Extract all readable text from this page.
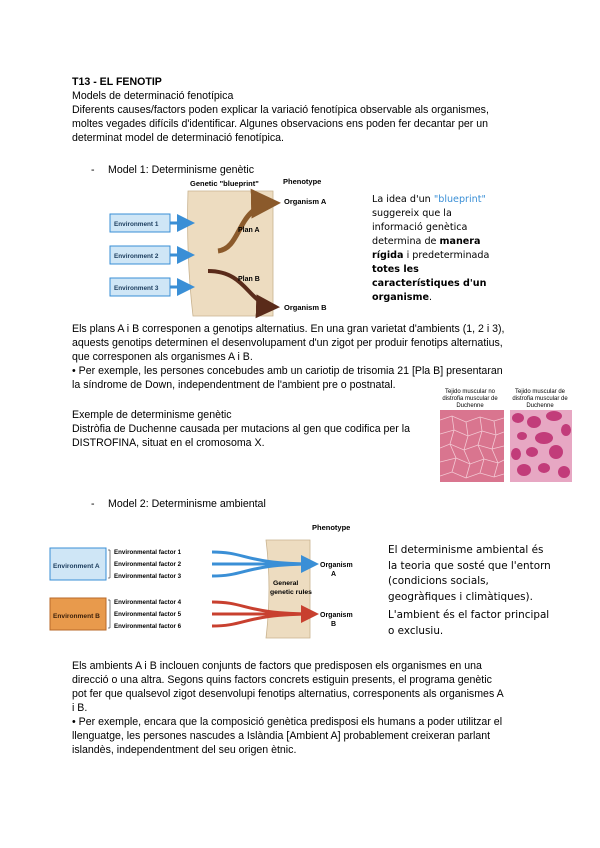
T13 - EL FENOTIP
Models de determinació fenotípica
Diferents causes/factors poden explicar la variació fenotípica observable als organismes,
moltes vegades difícils d'identificar. Algunes observacions ens poden fer decantar per un
determinat model de determinació fenotípica.
- Model 1: Determinisme genètic
Genetic "blueprint"	Phenotype
Environment 1
Environment 2
Environment 3
Plan A
Plan B
Organism A
Organism B
La idea d'un "blueprint"
suggereix que la
informació genètica
determina de manera
rígida i predeterminada
totes les
característiques d'un
organisme.
Els plans A i B corresponen a genotips alternatius. En una gran varietat d'ambients (1, 2 i 3),
aquests genotips determinen el desenvolupament d'un zigot per produir fenotips alternatius,
que corresponen als organismes A i B.
• Per exemple, les persones concebudes amb un cariotip de trisomia 21 [Pla B] presentaran
la síndrome de Down, independentment de l'ambient pre o postnatal.
Tejido muscular no distrofia muscular de Duchenne
Tejido muscular de distrofia muscular de Duchenne
Exemple de determinisme genètic
Distròfia de Duchenne causada per mutacions al gen que codifica per la
DISTROFINA, situat en el cromosoma X.
- Model 2: Determinisme ambiental
Phenotype
General
genetic rules
Environment A
Environment B
Environmental factor 1
Environmental factor 2
Environmental factor 3
Environmental factor 4
Environmental factor 5
Environmental factor 6
Organism
A
Organism
B
El determinisme ambiental és
la teoria que sosté que l'entorn
(condicions socials,
geogràfiques i climàtiques).
L'ambient és el factor principal
o exclusiu.
Els ambients A i B inclouen conjunts de factors que predisposen els organismes en una
direcció o una altra. Segons quins factors concrets estiguin presents, el programa genètic
pot fer que qualsevol zigot desenvolupi fenotips alternatius, corresponents als organismes A
i B.
• Per exemple, encara que la composició genètica predisposi els humans a poder utilitzar el
llenguatge, les persones nascudes a Islàndia [Ambient A] probablement creixeran parlant
islandès, independentment del seu origen ètnic.
